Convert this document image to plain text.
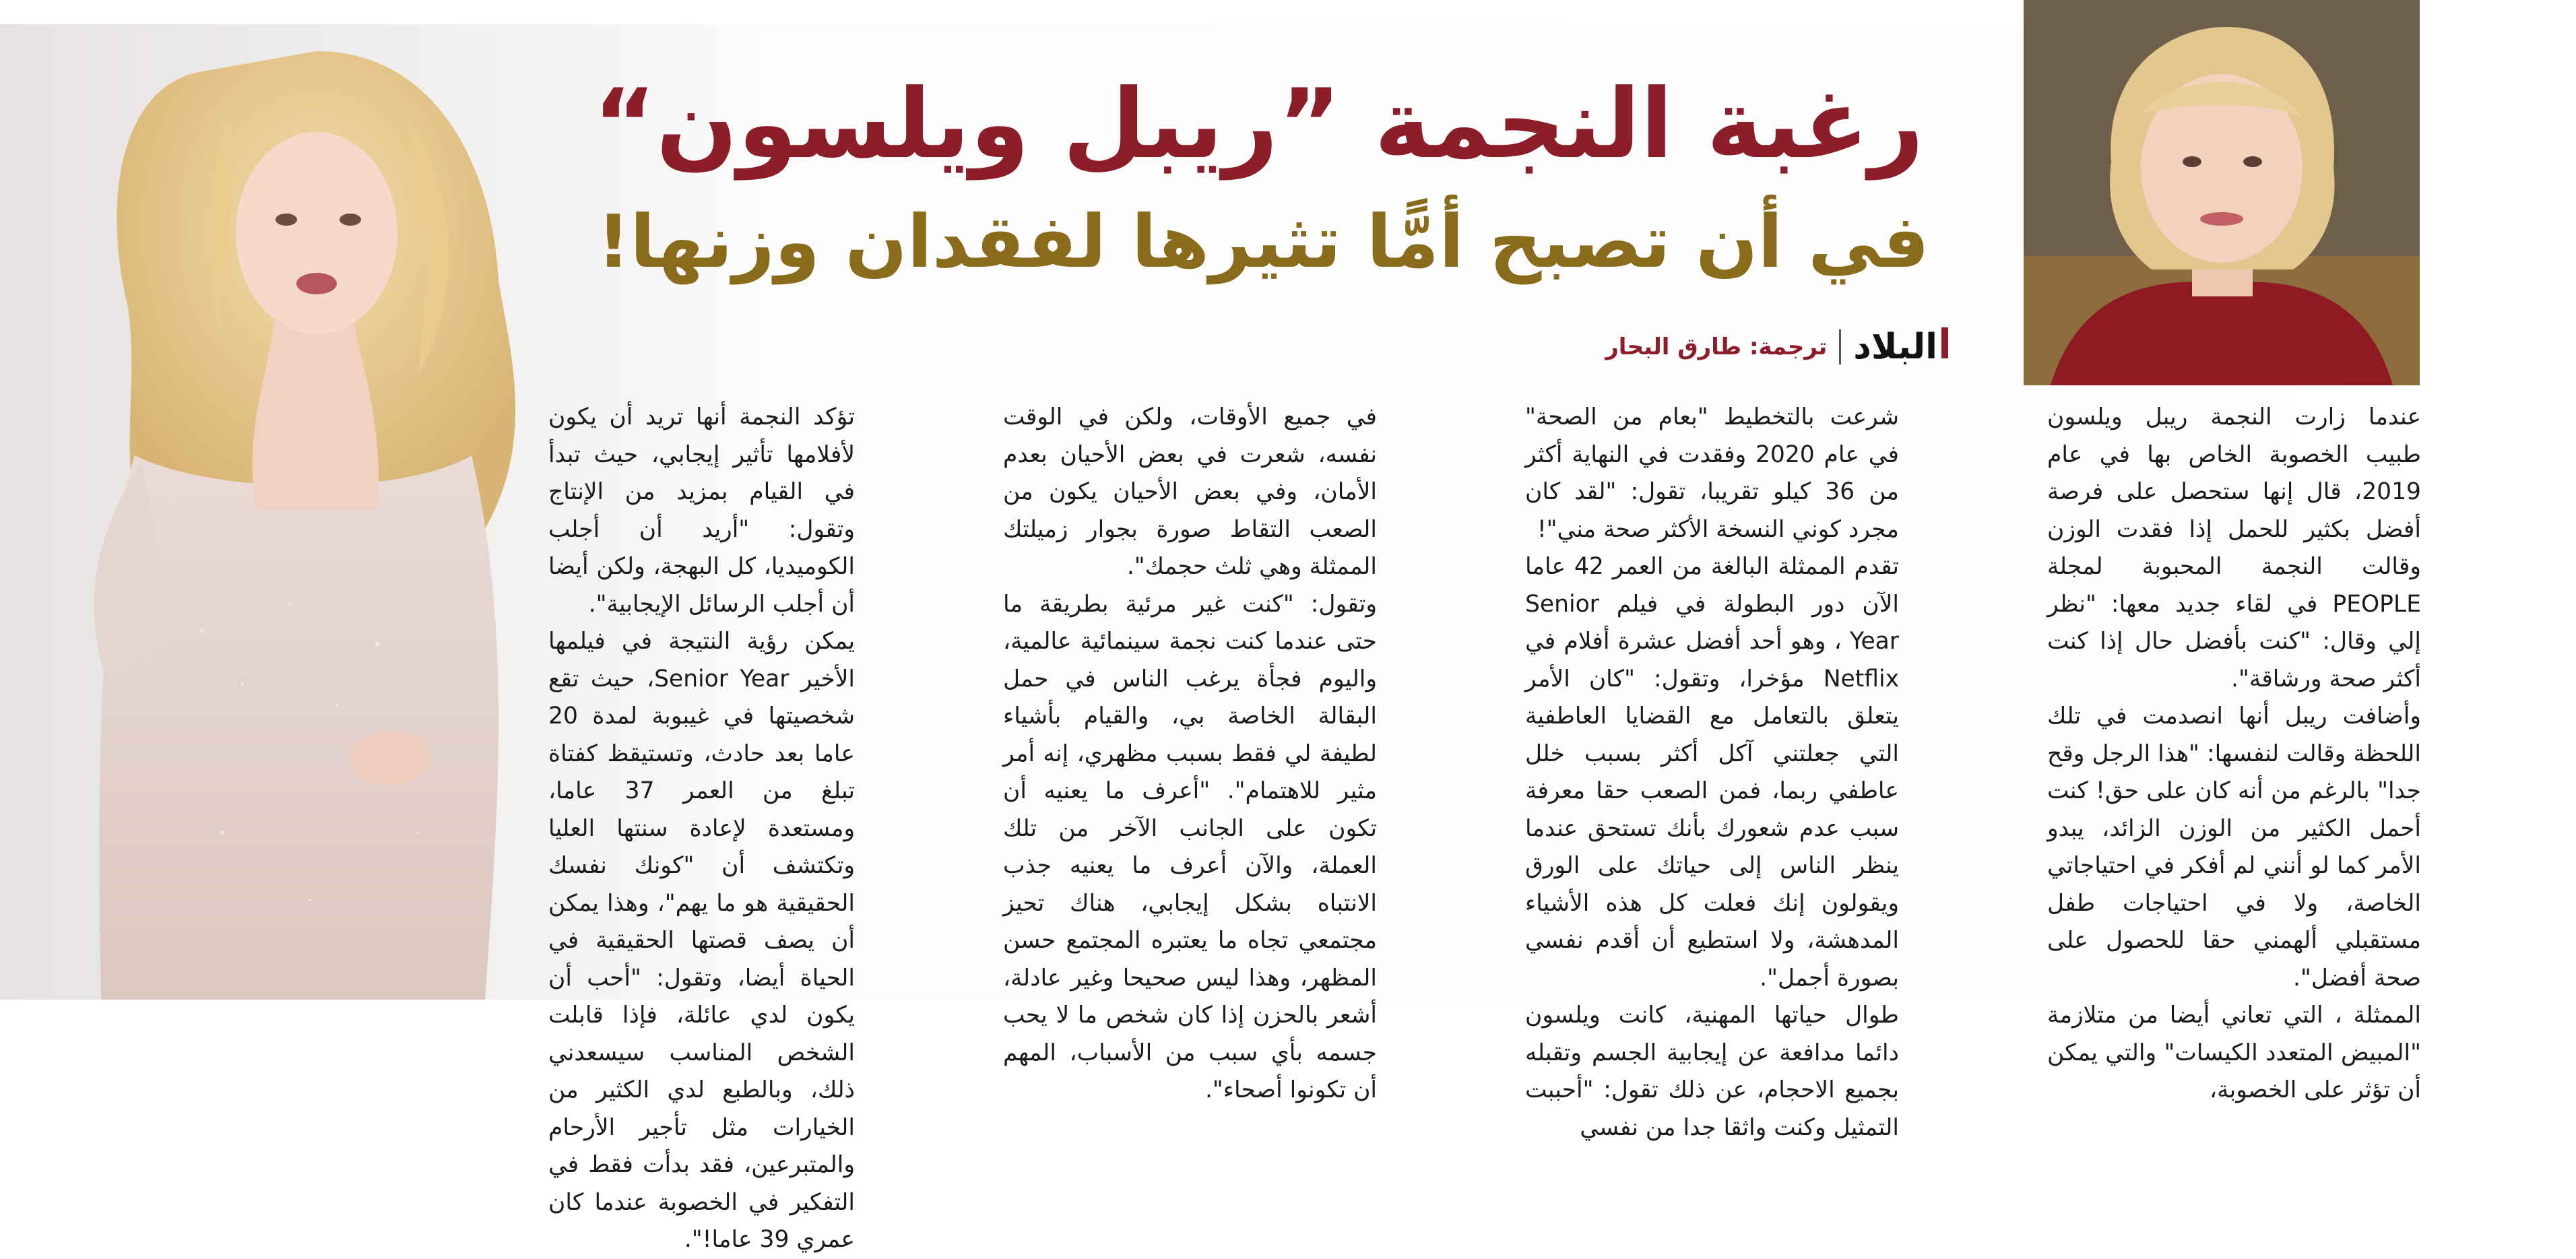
رغبة النجمة ”ريبل ويلسون“
في أن تصبح أمًّا تثيرها لفقدان وزنها!
البلاد
ترجمة: طارق البحار

عندما زارت النجمة ريبل ويلسون طبيب الخصوبة الخاص بها في عام 2019، قال إنها ستحصل على فرصة أفضل بكثير للحمل إذا فقدت الوزن وقالت النجمة المحبوبة لمجلة PEOPLE في لقاء جديد معها: "نظر إلي وقال: "كنت بأفضل حال إذا كنت أكثر صحة ورشاقة".

وأضافت ريبل أنها انصدمت في تلك اللحظة وقالت لنفسها: "هذا الرجل وقح جدا" بالرغم من أنه كان على حق! كنت أحمل الكثير من الوزن الزائد، يبدو الأمر كما لو أنني لم أفكر في احتياجاتي الخاصة، ولا في احتياجات طفل مستقبلي ألهمني حقا للحصول على صحة أفضل".

الممثلة ، التي تعاني أيضا من متلازمة "المبيض المتعدد الكيسات" والتي يمكن أن تؤثر على الخصوبة،

شرعت بالتخطيط "بعام من الصحة" في عام 2020 وفقدت في النهاية أكثر من 36 كيلو تقريبا، تقول: "لقد كان مجرد كوني النسخة الأكثر صحة مني"!

تقدم الممثلة البالغة من العمر 42 عاما الآن دور البطولة في فيلم Senior Year ، وهو أحد أفضل عشرة أفلام في Netflix مؤخرا، وتقول: "كان الأمر يتعلق بالتعامل مع القضايا العاطفية التي جعلتني آكل أكثر بسبب خلل عاطفي ربما، فمن الصعب حقا معرفة سبب عدم شعورك بأنك تستحق عندما ينظر الناس إلى حياتك على الورق ويقولون إنك فعلت كل هذه الأشياء المدهشة، ولا استطيع أن أقدم نفسي بصورة أجمل".

طوال حياتها المهنية، كانت ويلسون دائما مدافعة عن إيجابية الجسم وتقبله بجميع الاحجام، عن ذلك تقول: "أحببت التمثيل وكنت واثقا جدا من نفسي

في جميع الأوقات، ولكن في الوقت نفسه، شعرت في بعض الأحيان بعدم الأمان، وفي بعض الأحيان يكون من الصعب التقاط صورة بجوار زميلتك الممثلة وهي ثلث حجمك".

وتقول: "كنت غير مرئية بطريقة ما حتى عندما كنت نجمة سينمائية عالمية، واليوم فجأة يرغب الناس في حمل البقالة الخاصة بي، والقيام بأشياء لطيفة لي فقط بسبب مظهري، إنه أمر مثير للاهتمام". "أعرف ما يعنيه أن تكون على الجانب الآخر من تلك العملة، والآن أعرف ما يعنيه جذب الانتباه بشكل إيجابي، هناك تحيز مجتمعي تجاه ما يعتبره المجتمع حسن المظهر، وهذا ليس صحيحا وغير عادلة، أشعر بالحزن إذا كان شخص ما لا يحب جسمه بأي سبب من الأسباب، المهم أن تكونوا أصحاء".

تؤكد النجمة أنها تريد أن يكون لأفلامها تأثير إيجابي، حيث تبدأ في القيام بمزيد من الإنتاج وتقول: "أريد أن أجلب الكوميديا، كل البهجة، ولكن أيضا أن أجلب الرسائل الإيجابية".

يمكن رؤية النتيجة في فيلمها الأخير Senior Year، حيث تقع شخصيتها في غيبوبة لمدة 20 عاما بعد حادث، وتستيقظ كفتاة تبلغ من العمر 37 عاما، ومستعدة لإعادة سنتها العليا وتكتشف أن "كونك نفسك الحقيقية هو ما يهم"، وهذا يمكن أن يصف قصتها الحقيقية في الحياة أيضا، وتقول: "أحب أن يكون لدي عائلة، فإذا قابلت الشخص المناسب سيسعدني ذلك، وبالطبع لدي الكثير من الخيارات مثل تأجير الأرحام والمتبرعين، فقد بدأت فقط في التفكير في الخصوبة عندما كان عمري 39 عاما!".
